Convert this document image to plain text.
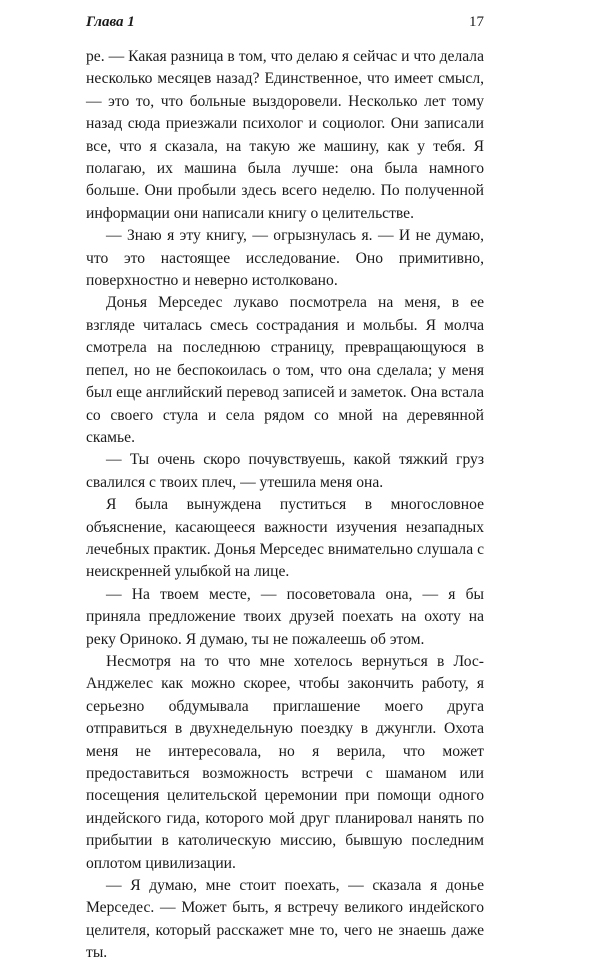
Глава 1	17

ре. — Какая разница в том, что делаю я сейчас и что делала несколько месяцев назад? Единственное, что имеет смысл, — это то, что больные выздоровели. Несколько лет тому назад сюда приезжали психолог и социолог. Они записали все, что я сказала, на такую же машину, как у тебя. Я полагаю, их машина была лучше: она была намного больше. Они пробыли здесь всего неделю. По полученной информации они написали книгу о целительстве.

— Знаю я эту книгу, — огрызнулась я. — И не думаю, что это настоящее исследование. Оно примитивно, поверхностно и неверно истолковано.

Донья Мерседес лукаво посмотрела на меня, в ее взгляде читалась смесь сострадания и мольбы. Я молча смотрела на последнюю страницу, превращающуюся в пепел, но не беспокоилась о том, что она сделала; у меня был еще английский перевод записей и заметок. Она встала со своего стула и села рядом со мной на деревянной скамье.

— Ты очень скоро почувствуешь, какой тяжкий груз свалился с твоих плеч, — утешила меня она.

Я была вынуждена пуститься в многословное объяснение, касающееся важности изучения незападных лечебных практик. Донья Мерседес внимательно слушала с неискренней улыбкой на лице.

— На твоем месте, — посоветовала она, — я бы приняла предложение твоих друзей поехать на охоту на реку Ориноко. Я думаю, ты не пожалеешь об этом.

Несмотря на то что мне хотелось вернуться в Лос-Анджелес как можно скорее, чтобы закончить работу, я серьезно обдумывала приглашение моего друга отправиться в двухнедельную поездку в джунгли. Охота меня не интересовала, но я верила, что может предоставиться возможность встречи с шаманом или посещения целительской церемонии при помощи одного индейского гида, которого мой друг планировал нанять по прибытии в католическую миссию, бывшую последним оплотом цивилизации.

— Я думаю, мне стоит поехать, — сказала я донье Мерседес. — Может быть, я встречу великого индейского целителя, который расскажет мне то, чего не знаешь даже ты.
